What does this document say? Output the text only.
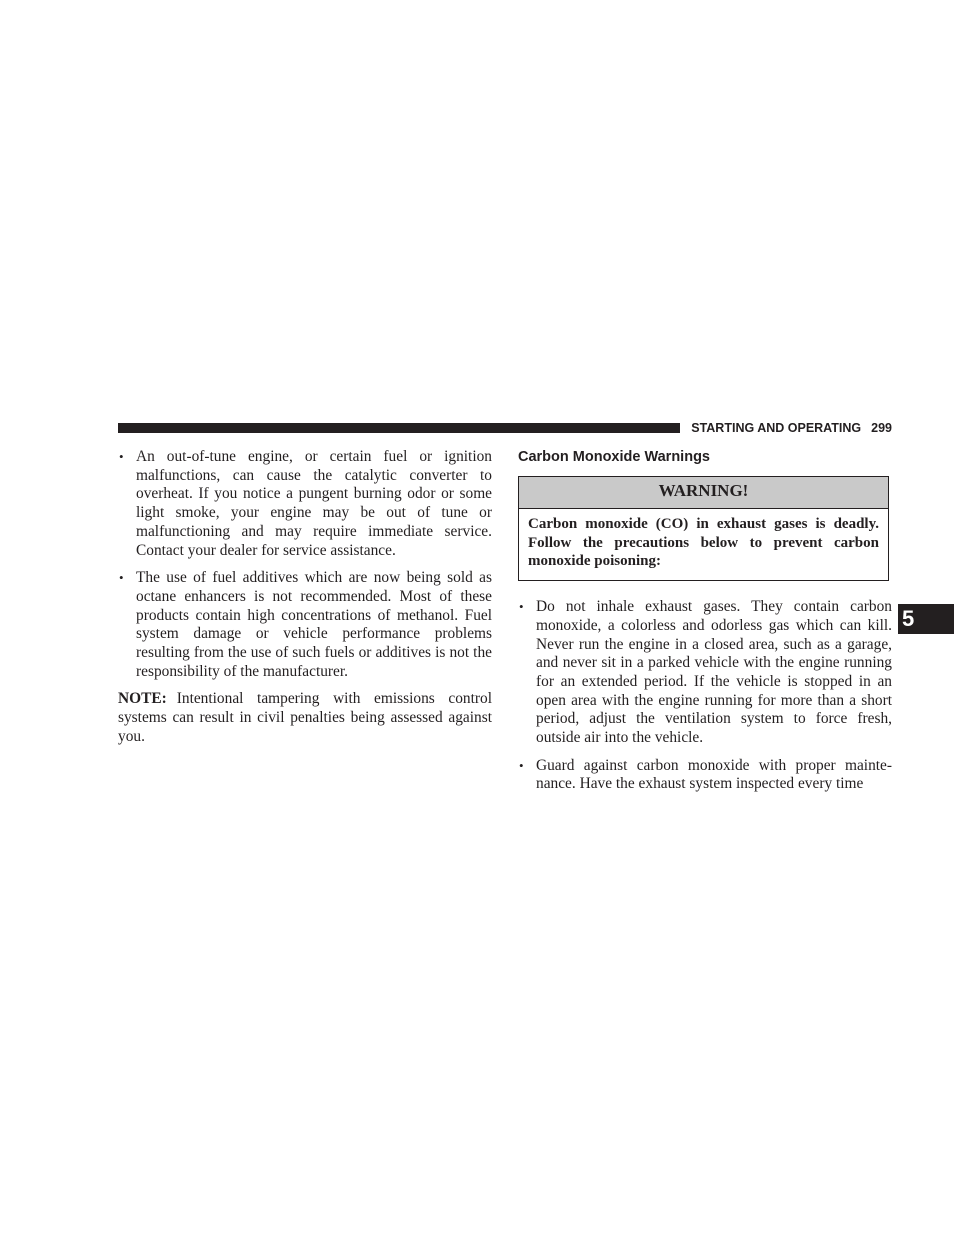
STARTING AND OPERATING 299
5
• An out-of-tune engine, or certain fuel or ignition malfunctions, can cause the catalytic converter to overheat. If you notice a pungent burning odor or some light smoke, your engine may be out of tune or malfunctioning and may require immediate service. Contact your dealer for service assistance.

• The use of fuel additives which are now being sold as octane enhancers is not recommended. Most of these products contain high concentrations of methanol. Fuel system damage or vehicle performance problems resulting from the use of such fuels or additives is not the responsibility of the manufacturer.

NOTE: Intentional tampering with emissions control systems can result in civil penalties being assessed against you.

Carbon Monoxide Warnings
WARNING!
Carbon monoxide (CO) in exhaust gases is deadly. Follow the precautions below to prevent carbon monoxide poisoning:
• Do not inhale exhaust gases. They contain carbon monoxide, a colorless and odorless gas which can kill. Never run the engine in a closed area, such as a garage, and never sit in a parked vehicle with the engine running for an extended period. If the vehicle is stopped in an open area with the engine running for more than a short period, adjust the ventilation system to force fresh, outside air into the vehicle.

• Guard against carbon monoxide with proper mainte-nance. Have the exhaust system inspected every time
